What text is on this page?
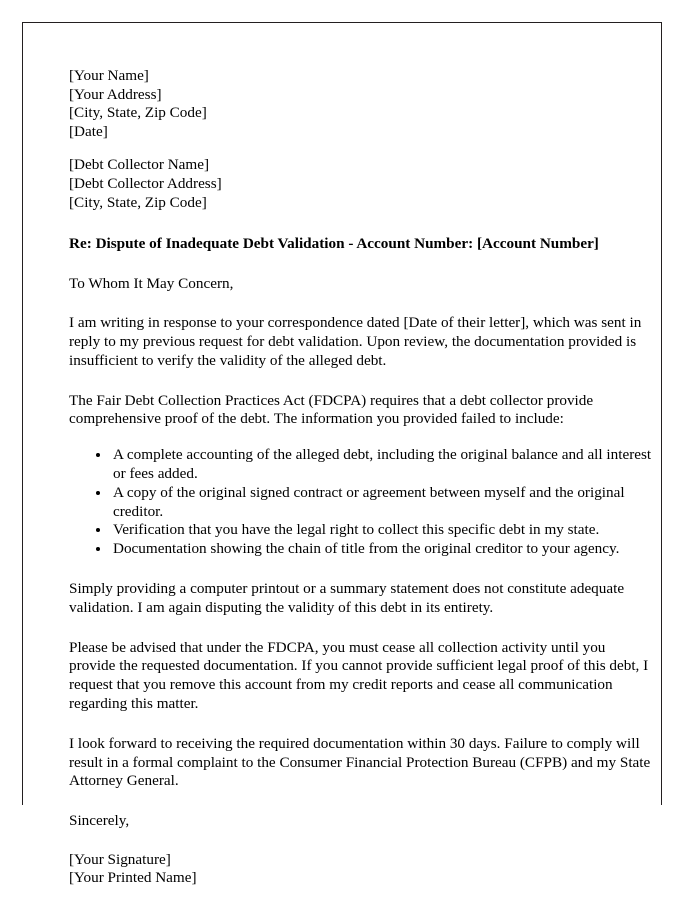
[Your Name]
[Your Address]
[City, State, Zip Code]
[Date]
[Debt Collector Name]
[Debt Collector Address]
[City, State, Zip Code]
Re: Dispute of Inadequate Debt Validation - Account Number: [Account Number]
To Whom It May Concern,

I am writing in response to your correspondence dated [Date of their letter], which was sent in reply to my previous request for debt validation. Upon review, the documentation provided is insufficient to verify the validity of the alleged debt.

The Fair Debt Collection Practices Act (FDCPA) requires that a debt collector provide comprehensive proof of the debt. The information you provided failed to include:

• A complete accounting of the alleged debt, including the original balance and all interest or fees added.
• A copy of the original signed contract or agreement between myself and the original creditor.
• Verification that you have the legal right to collect this specific debt in my state.
• Documentation showing the chain of title from the original creditor to your agency.

Simply providing a computer printout or a summary statement does not constitute adequate validation. I am again disputing the validity of this debt in its entirety.

Please be advised that under the FDCPA, you must cease all collection activity until you provide the requested documentation. If you cannot provide sufficient legal proof of this debt, I request that you remove this account from my credit reports and cease all communication regarding this matter.

I look forward to receiving the required documentation within 30 days. Failure to comply will result in a formal complaint to the Consumer Financial Protection Bureau (CFPB) and my State Attorney General.

Sincerely,
[Your Signature]
[Your Printed Name]
